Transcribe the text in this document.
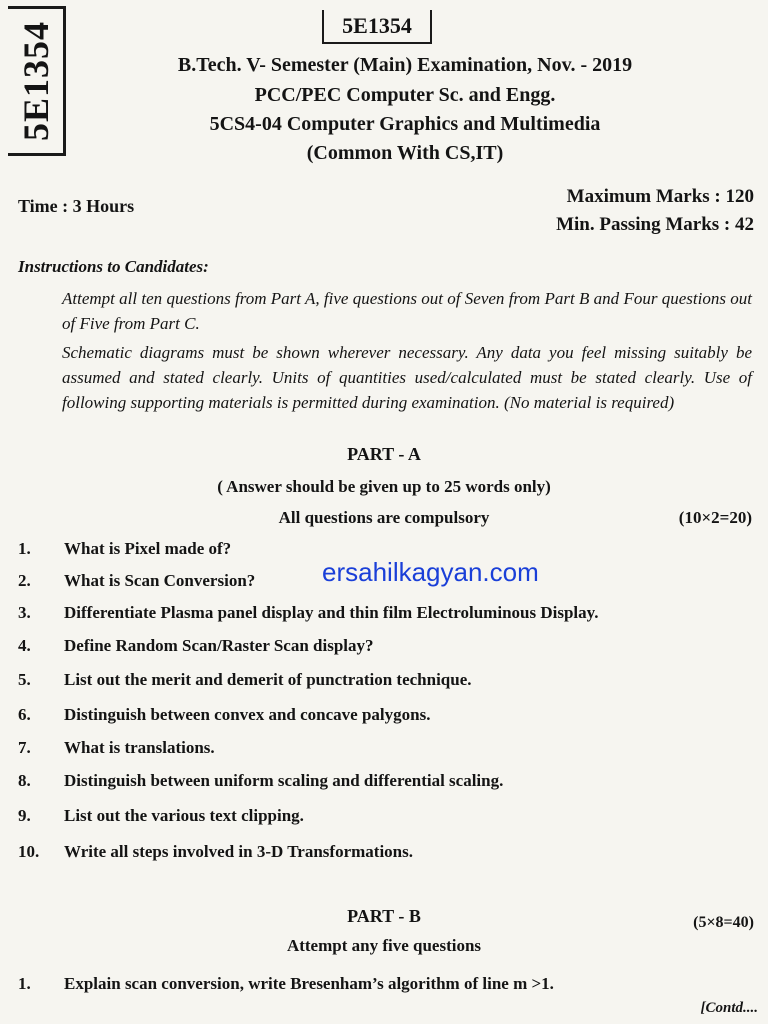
5E1354	5E1354
B.Tech. V- Semester (Main) Examination, Nov. - 2019
PCC/PEC Computer Sc. and Engg.
5CS4-04 Computer Graphics and Multimedia
(Common With CS,IT)
Time : 3 Hours	Maximum Marks : 120
Min. Passing Marks : 42
Instructions to Candidates:
Attempt all ten questions from Part A, five questions out of Seven from Part B and Four questions out of Five from Part C.
Schematic diagrams must be shown wherever necessary. Any data you feel missing suitably be assumed and stated clearly. Units of quantities used/calculated must be stated clearly. Use of following supporting materials is permitted during examination. (No material is required)
PART - A
( Answer should be given up to 25 words only)
All questions are compulsory	(10×2=20)
1.	What is Pixel made of?
2.	What is Scan Conversion?
3.	Differentiate Plasma panel display and thin film Electroluminous Display.
4.	Define Random Scan/Raster Scan display?
5.	List out the merit and demerit of punctration technique.
6.	Distinguish between convex and concave palygons.
7.	What is translations.
8.	Distinguish between uniform scaling and differential scaling.
9.	List out the various text clipping.
10.	Write all steps involved in 3-D Transformations.
ersahilkagyan.com
PART - B	(5×8=40)
Attempt any five questions
1.	Explain scan conversion, write Bresenham’s algorithm of line m >1.
[Contd....
